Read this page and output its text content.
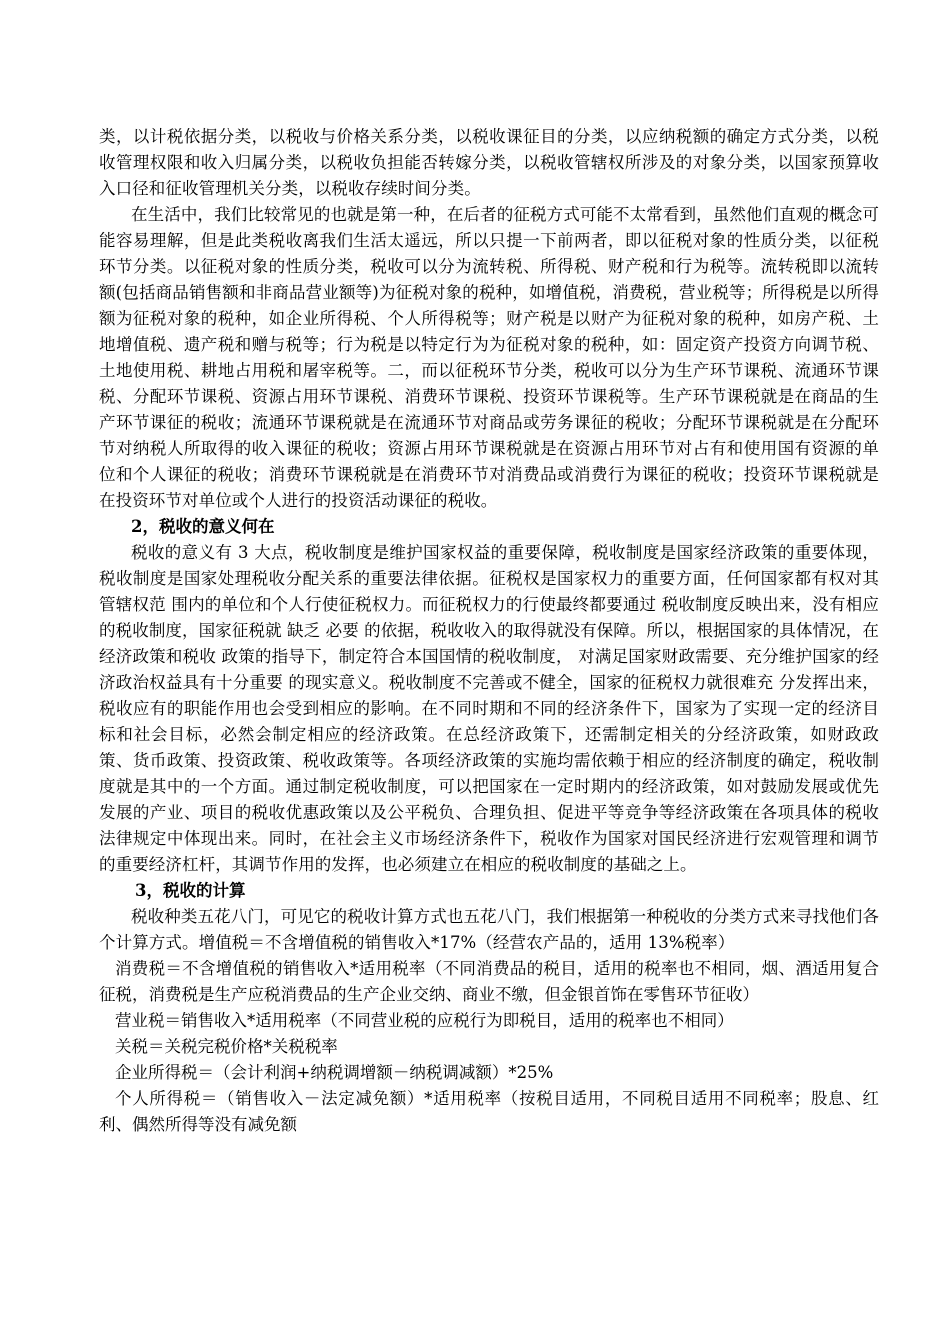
类，以计税依据分类，以税收与价格关系分类，以税收课征目的分类，以应纳税额的确定方式分类，以税收管理权限和收入归属分类，以税收负担能否转嫁分类，以税收管辖权所涉及的对象分类，以国家预算收入口径和征收管理机关分类，以税收存续时间分类。

在生活中，我们比较常见的也就是第一种，在后者的征税方式可能不太常看到，虽然他们直观的概念可能容易理解，但是此类税收离我们生活太遥远，所以只提一下前两者，即以征税对象的性质分类，以征税环节分类。以征税对象的性质分类，税收可以分为流转税、所得税、财产税和行为税等。流转税即以流转额(包括商品销售额和非商品营业额等)为征税对象的税种，如增值税，消费税，营业税等；所得税是以所得额为征税对象的税种，如企业所得税、个人所得税等；财产税是以财产为征税对象的税种，如房产税、土地增值税、遗产税和赠与税等；行为税是以特定行为为征税对象的税种，如：固定资产投资方向调节税、土地使用税、耕地占用税和屠宰税等。二，而以征税环节分类，税收可以分为生产环节课税、流通环节课税、分配环节课税、资源占用环节课税、消费环节课税、投资环节课税等。生产环节课税就是在商品的生产环节课征的税收；流通环节课税就是在流通环节对商品或劳务课征的税收；分配环节课税就是在分配环节对纳税人所取得的收入课征的税收；资源占用环节课税就是在资源占用环节对占有和使用国有资源的单位和个人课征的税收；消费环节课税就是在消费环节对消费品或消费行为课征的税收；投资环节课税就是在投资环节对单位或个人进行的投资活动课征的税收。

2，税收的意义何在

税收的意义有 3 大点，税收制度是维护国家权益的重要保障，税收制度是国家经济政策的重要体现，税收制度是国家处理税收分配关系的重要法律依据。征税权是国家权力的重要方面，任何国家都有权对其管辖权范 围内的单位和个人行使征税权力。而征税权力的行使最终都要通过 税收制度反映出来，没有相应的税收制度，国家征税就 缺乏 必要 的依据，税收收入的取得就没有保障。所以，根据国家的具体情况，在经济政策和税收 政策的指导下，制定符合本国国情的税收制度， 对满足国家财政需要、充分维护国家的经济政治权益具有十分重要 的现实意义。税收制度不完善或不健全，国家的征税权力就很难充 分发挥出来，税收应有的职能作用也会受到相应的影响。在不同时期和不同的经济条件下，国家为了实现一定的经济目标和社会目标，必然会制定相应的经济政策。在总经济政策下，还需制定相关的分经济政策，如财政政策、货币政策、投资政策、税收政策等。各项经济政策的实施均需依赖于相应的经济制度的确定，税收制度就是其中的一个方面。通过制定税收制度，可以把国家在一定时期内的经济政策，如对鼓励发展或优先发展的产业、项目的税收优惠政策以及公平税负、合理负担、促进平等竞争等经济政策在各项具体的税收法律规定中体现出来。同时，在社会主义市场经济条件下，税收作为国家对国民经济进行宏观管理和调节的重要经济杠杆，其调节作用的发挥，也必须建立在相应的税收制度的基础之上。

3，税收的计算

税收种类五花八门，可见它的税收计算方式也五花八门，我们根据第一种税收的分类方式来寻找他们各个计算方式。增值税＝不含增值税的销售收入*17%（经营农产品的，适用 13%税率）

消费税＝不含增值税的销售收入*适用税率（不同消费品的税目，适用的税率也不相同，烟、酒适用复合征税，消费税是生产应税消费品的生产企业交纳、商业不缴，但金银首饰在零售环节征收）

营业税＝销售收入*适用税率（不同营业税的应税行为即税目，适用的税率也不相同）

关税＝关税完税价格*关税税率

企业所得税＝（会计利润+纳税调增额－纳税调减额）*25%

个人所得税＝（销售收入－法定减免额）*适用税率（按税目适用，不同税目适用不同税率；股息、红利、偶然所得等没有减免额
